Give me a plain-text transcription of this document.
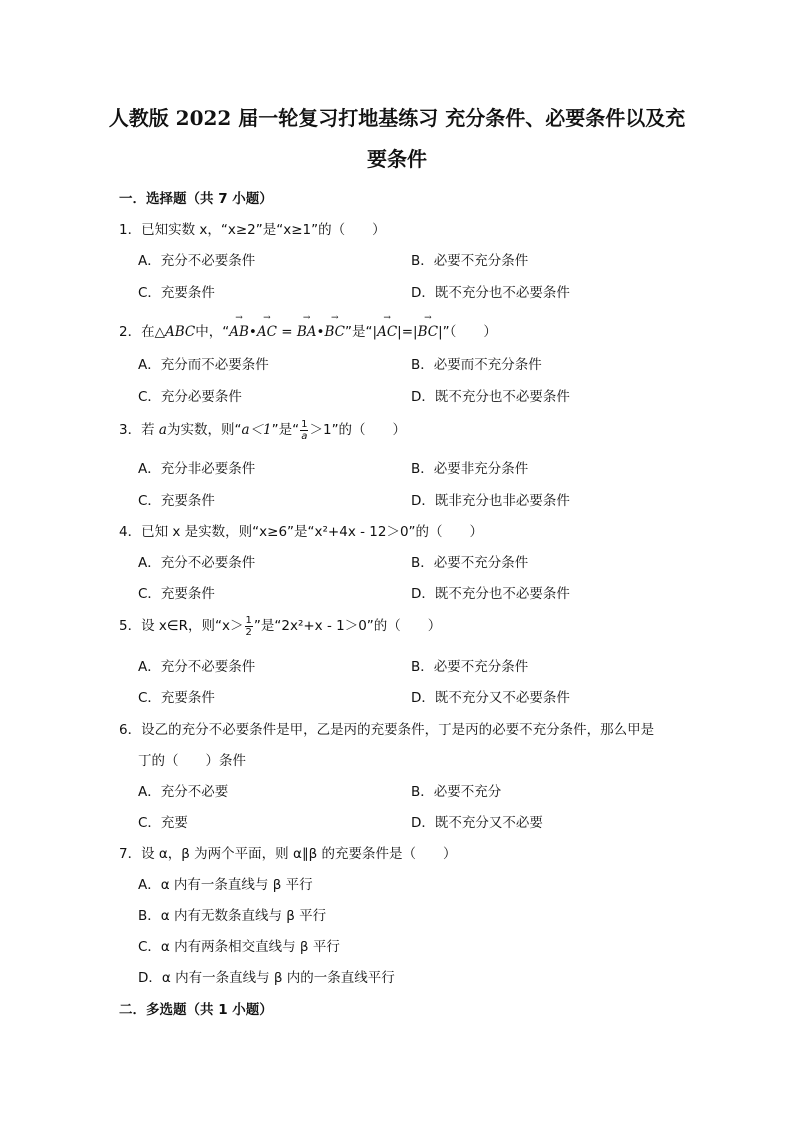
人教版 2022 届一轮复习打地基练习 充分条件、必要条件以及充
要条件
一．选择题（共 7 小题）
1．已知实数 x，“x≥2”是“x≥1”的（　　）
A．充分不必要条件	B．必要不充分条件
C．充要条件	D．既不充分也不必要条件
2．在△ABC中，“→ AB•→ AC = → BA•→ BC”是“|→ AC|=|→ BC|”（　　）
A．充分而不必要条件	B．必要而不充分条件
C．充分必要条件	D．既不充分也不必要条件
3．若 a为实数，则“a＜1”是“ $\frac{1}{a} >1$”的（　　）
A．充分非必要条件	B．必要非充分条件
C．充要条件	D．既非充分也非必要条件
4．已知 x 是实数，则“x≥6”是“x²+4x - 12＞0”的（　　）
A．充分不必要条件	B．必要不充分条件
C．充要条件	D．既不充分也不必要条件
5．设 x∈R，则“$x> \frac{1}{2}$ ”是“2x²+x - 1＞0”的（　　）
A．充分不必要条件	B．必要不充分条件
C．充要条件	D．既不充分又不必要条件
6．设乙的充分不必要条件是甲，乙是丙的充要条件，丁是丙的必要不充分条件，那么甲是
丁的（　　）条件
A．充分不必要	B．必要不充分
C．充要	D．既不充分又不必要
7．设 α，β 为两个平面，则 α∥β 的充要条件是（　　）
A．α 内有一条直线与 β 平行
B．α 内有无数条直线与 β 平行
C．α 内有两条相交直线与 β 平行
D．α 内有一条直线与 β 内的一条直线平行
二．多选题（共 1 小题）
